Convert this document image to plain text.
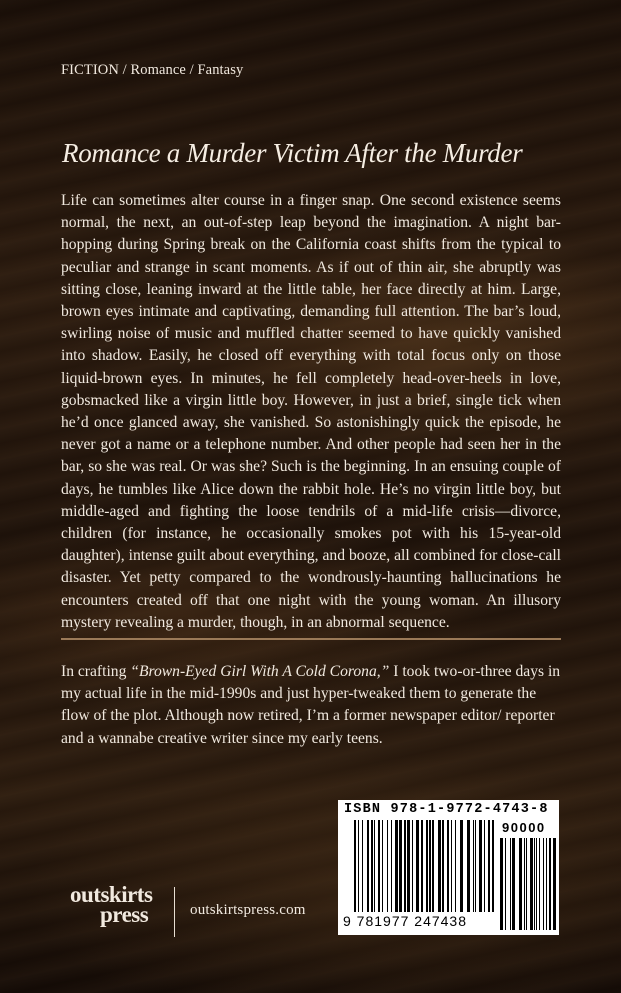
FICTION / Romance / Fantasy
Romance a Murder Victim After the Murder

Life can sometimes alter course in a finger snap. One second existence seems normal, the next, an out-of-step leap beyond the imagination. A night bar-hopping during Spring break on the California coast shifts from the typical to peculiar and strange in scant moments. As if out of thin air, she abruptly was sitting close, leaning inward at the little table, her face directly at him. Large, brown eyes intimate and captivating, demanding full attention. The bar’s loud, swirling noise of music and muffled chatter seemed to have quickly vanished into shadow. Easily, he closed off everything with total focus only on those liquid-brown eyes. In minutes, he fell completely head-over-heels in love, gobsmacked like a virgin little boy. However, in just a brief, single tick when he’d once glanced away, she vanished. So astonishingly quick the episode, he never got a name or a telephone number. And other people had seen her in the bar, so she was real. Or was she? Such is the beginning. In an ensuing couple of days, he tumbles like Alice down the rabbit hole. He’s no virgin little boy, but middle-aged and fighting the loose tendrils of a mid-life crisis—divorce, children (for instance, he occasionally smokes pot with his 15-year-old daughter), intense guilt about everything, and booze, all combined for close-call disaster. Yet petty compared to the wondrously-haunting hallucinations he encounters created off that one night with the young woman. An illusory mystery revealing a murder, though, in an abnormal sequence.

In crafting “Brown-Eyed Girl With A Cold Corona,” I took two-or-three days in my actual life in the mid-1990s and just hyper-tweaked them to generate the flow of the plot. Although now retired, I’m a former newspaper editor/ reporter and a wannabe creative writer since my early teens.

ISBN 978-1-9772-4743-8
90000
9 781977 247438
outskirts
press	outskirtspress.com
